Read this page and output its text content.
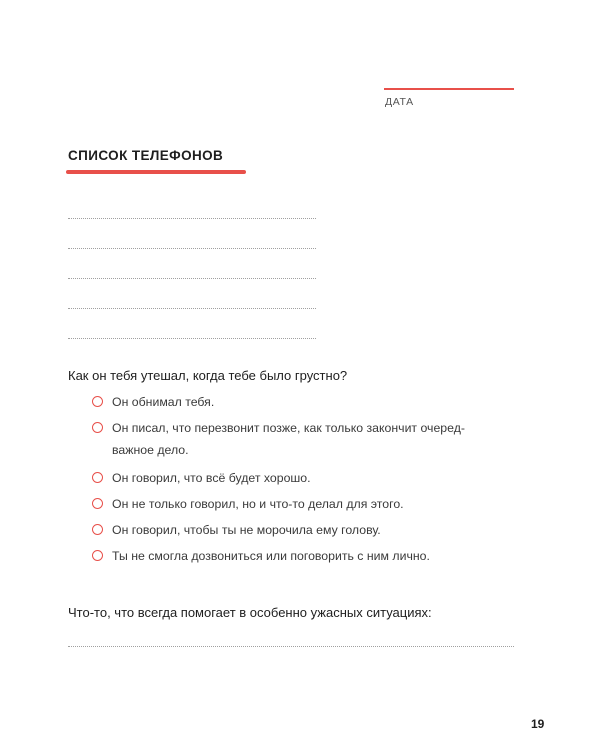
ДАТА
СПИСОК ТЕЛЕФОНОВ
Как он тебя утешал, когда тебе было грустно?
Он обнимал тебя.
Он писал, что перезвонит позже, как только закончит очеред-
важное дело.
Он говорил, что всё будет хорошо.
Он не только говорил, но и что-то делал для этого.
Он говорил, чтобы ты не морочила ему голову.
Ты не смогла дозвониться или поговорить с ним лично.
Что-то, что всегда помогает в особенно ужасных ситуациях:
19
